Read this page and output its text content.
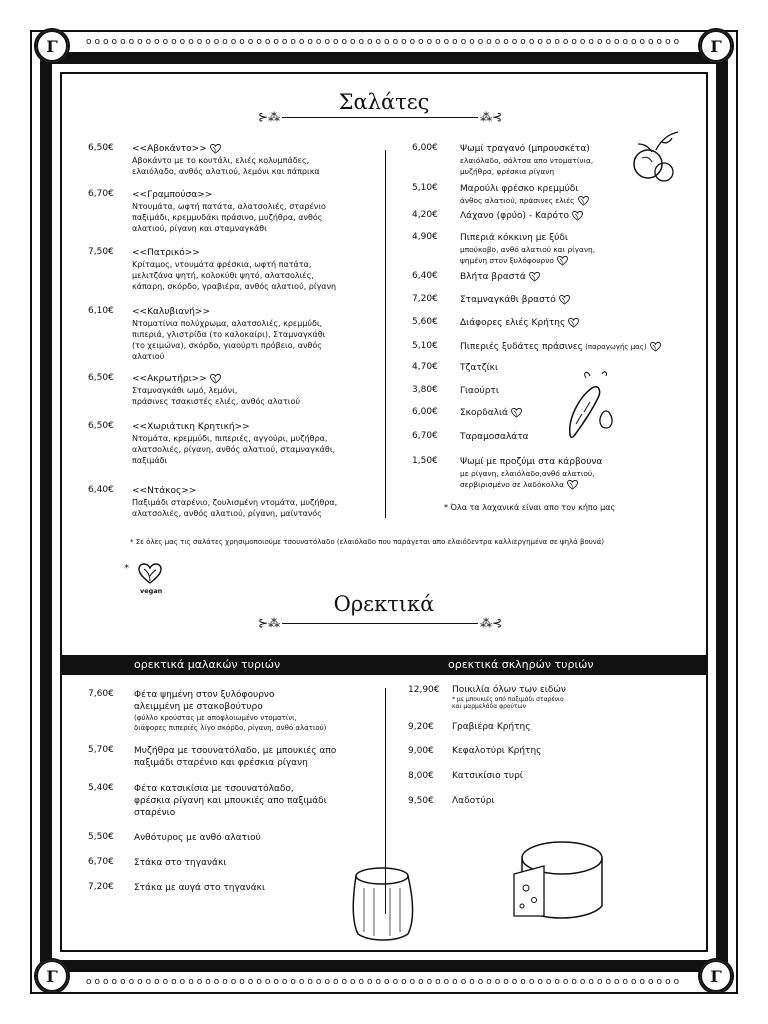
o o o o o o o o o o o o o o o o o o o o o o o o o o o o o o o o o o o o o o o o o o o o o o o o o o o o o o o o o o o o o o o o o o o o o o
o o o o o o o o o o o o o o o o o o o o o o o o o o o o o o o o o o o o o o o o o o o o o o o o o o o o o o o o o o o o o o o o o o o o o o
o
o
o
o
o
o
o
o
o
o
o
o
o
o
o
o
o
o
o
o
o
o
o
o
o
o
o
o
o
o
o
o
o
o
o
o
o
o
o
o
o
o
o
o
o
o
o
o
o
o
o
o
o
o
o
o
o
o
o
o
o
o
o
o
o
o
o
o
o
o
o
o
o
o
o
o
o
o
o
o
o
o
o
o
o
o
o
o
o
o
o
o
o
o
o
o
o
o
o
o
o
o
o
o
o
o
o
o
o
o
o
o
o
o
o
o
o
o
o
o
o
o
o
o
o
o
Γ	Γ
Γ	Γ
Σαλάτες
⊱⁂	⁂⊰
6,50€	<<Αβοκάντο>>
Αβοκάντο με το κουτάλι, ελιές κολυμπάδες,
ελαιόλαδο, ανθός αλατιού, λεμόνι και πάπρικα
6,70€	<<Γραμπούσα>>
Ντουμάτα, ωφτή πατάτα, αλατσολιές, σταρένιο
παξιμάδι, κρεμμυδάκι πράσινο, μυζήθρα, ανθός
αλατιού, ρίγανη και σταμναγκάθι
7,50€	<<Πατρικό>>
Κρίταμος, ντουμάτα φρέσκια, ωφτή πατάτα,
μελιτζάνα ψητή, κολοκύθι ψητό, αλατσολιές,
κάπαρη, σκόρδο, γραβιέρα, ανθός αλατιού, ρίγανη
6,10€	<<Καλυβιανή>>
Ντοματίνια πολύχρωμα, αλατσολιές, κρεμμύδι,
πιπεριά, γλιστρίδα (το καλοκαίρι), Σταμναγκάθι
(το χειμώνα), σκόρδο, γιαούρτι πρόβειο, ανθός
αλατιού
6,50€	<<Ακρωτήρι>>
Σταμναγκάθι ωμό, λεμόνι,
πράσινες τσακιστές ελιές, ανθός αλατιού
6,50€	<<Χωριάτικη Κρητική>>
Ντομάτα, κρεμμύδι, πιπεριές, αγγούρι, μυζήθρα,
αλατσολιές, ρίγανη, ανθός αλατιού, σταμναγκάθι,
παξιμάδι
6,40€	<<Ντάκος>>
Παξιμάδι σταρένιο, ζουλισμένη ντομάτα, μυζήθρα,
αλατσολιές, ανθός αλατιού, ρίγανη, μαϊντανός
6,00€	Ψωμί τραγανό (μπρουσκέτα)
ελαιόλαδο, σάλτσα απο ντοματίνια,
μυζήθρα, φρέσκια ρίγανη
5,10€	Μαρούλι φρέσκο κρεμμύδι
άνθος αλατιού, πράσινες ελιές
4,20€	Λάχανο (φρύο) - Καρότο
4,90€	Πιπεριά κόκκινη με ξύδι
μπούκοβο, ανθό αλατιού και ρίγανη,
ψημένη στον ξυλόφουρνο
6,40€	Βλήτα βραστά
7,20€	Σταμναγκάθι βραστό
5,60€	Διάφορες ελιές Κρήτης
5,10€	Πιπεριές ξυδάτες πράσινες (παραγωγής μας)
4,70€	Τζατζίκι
3,80€	Γιαούρτι
6,00€	Σκορδαλιά
6,70€	Ταραμοσαλάτα
1,50€	Ψωμί με προζύμι στα κάρβουνα
με ρίγανη, ελαιόλαδο,ανθό αλατιού,
σερβιρισμένο σε λαδόκολλα
* Όλα τα λαχανικά είναι απο τον κήπο μας
* Σε όλες μας τις σαλάτες χρησιμοποιούμε τσουνατόλαδο (ελαιόλαδο που παράγεται απο ελαιόδεντρα καλλιεργημένα σε ψηλά βουνά)
*
vegan
Ορεκτικά
⊱⁂	⁂⊰
ορεκτικά μαλακών τυριών	ορεκτικά σκληρών τυριών
7,60€	Φέτα ψημένη στον ξυλόφουρνο
αλειμμένη με στακοβούτυρο
(φύλλο κρούστας με αποφλοιωμένο ντοματίνι,
διάφορες πιπεριές λίγο σκόρδο, ρίγανη, ανθό αλατιού)
5,70€	Μυζήθρα με τσουνατόλαδο, με μπουκιές απο
παξιμάδι σταρένιο και φρέσκια ρίγανη
5,40€	Φέτα κατσικίσια με τσουνατόλαδο,
φρέσκια ρίγανη και μπουκιές απο παξιμάδι
σταρένιο
5,50€	Ανθότυρος με ανθό αλατιού
6,70€	Στάκα στο τηγανάκι
7,20€	Στάκα με αυγά στο τηγανάκι
12,90€	Ποικιλία όλων των ειδών
* με μπουκιές από παξιμάδι σταρένιο
και μαρμελάδα φρούτων
9,20€	Γραβιέρα Κρήτης
9,00€	Κεφαλοτύρι Κρήτης
8,00€	Κατσικίσιο τυρί
9,50€	Λαδοτύρι
